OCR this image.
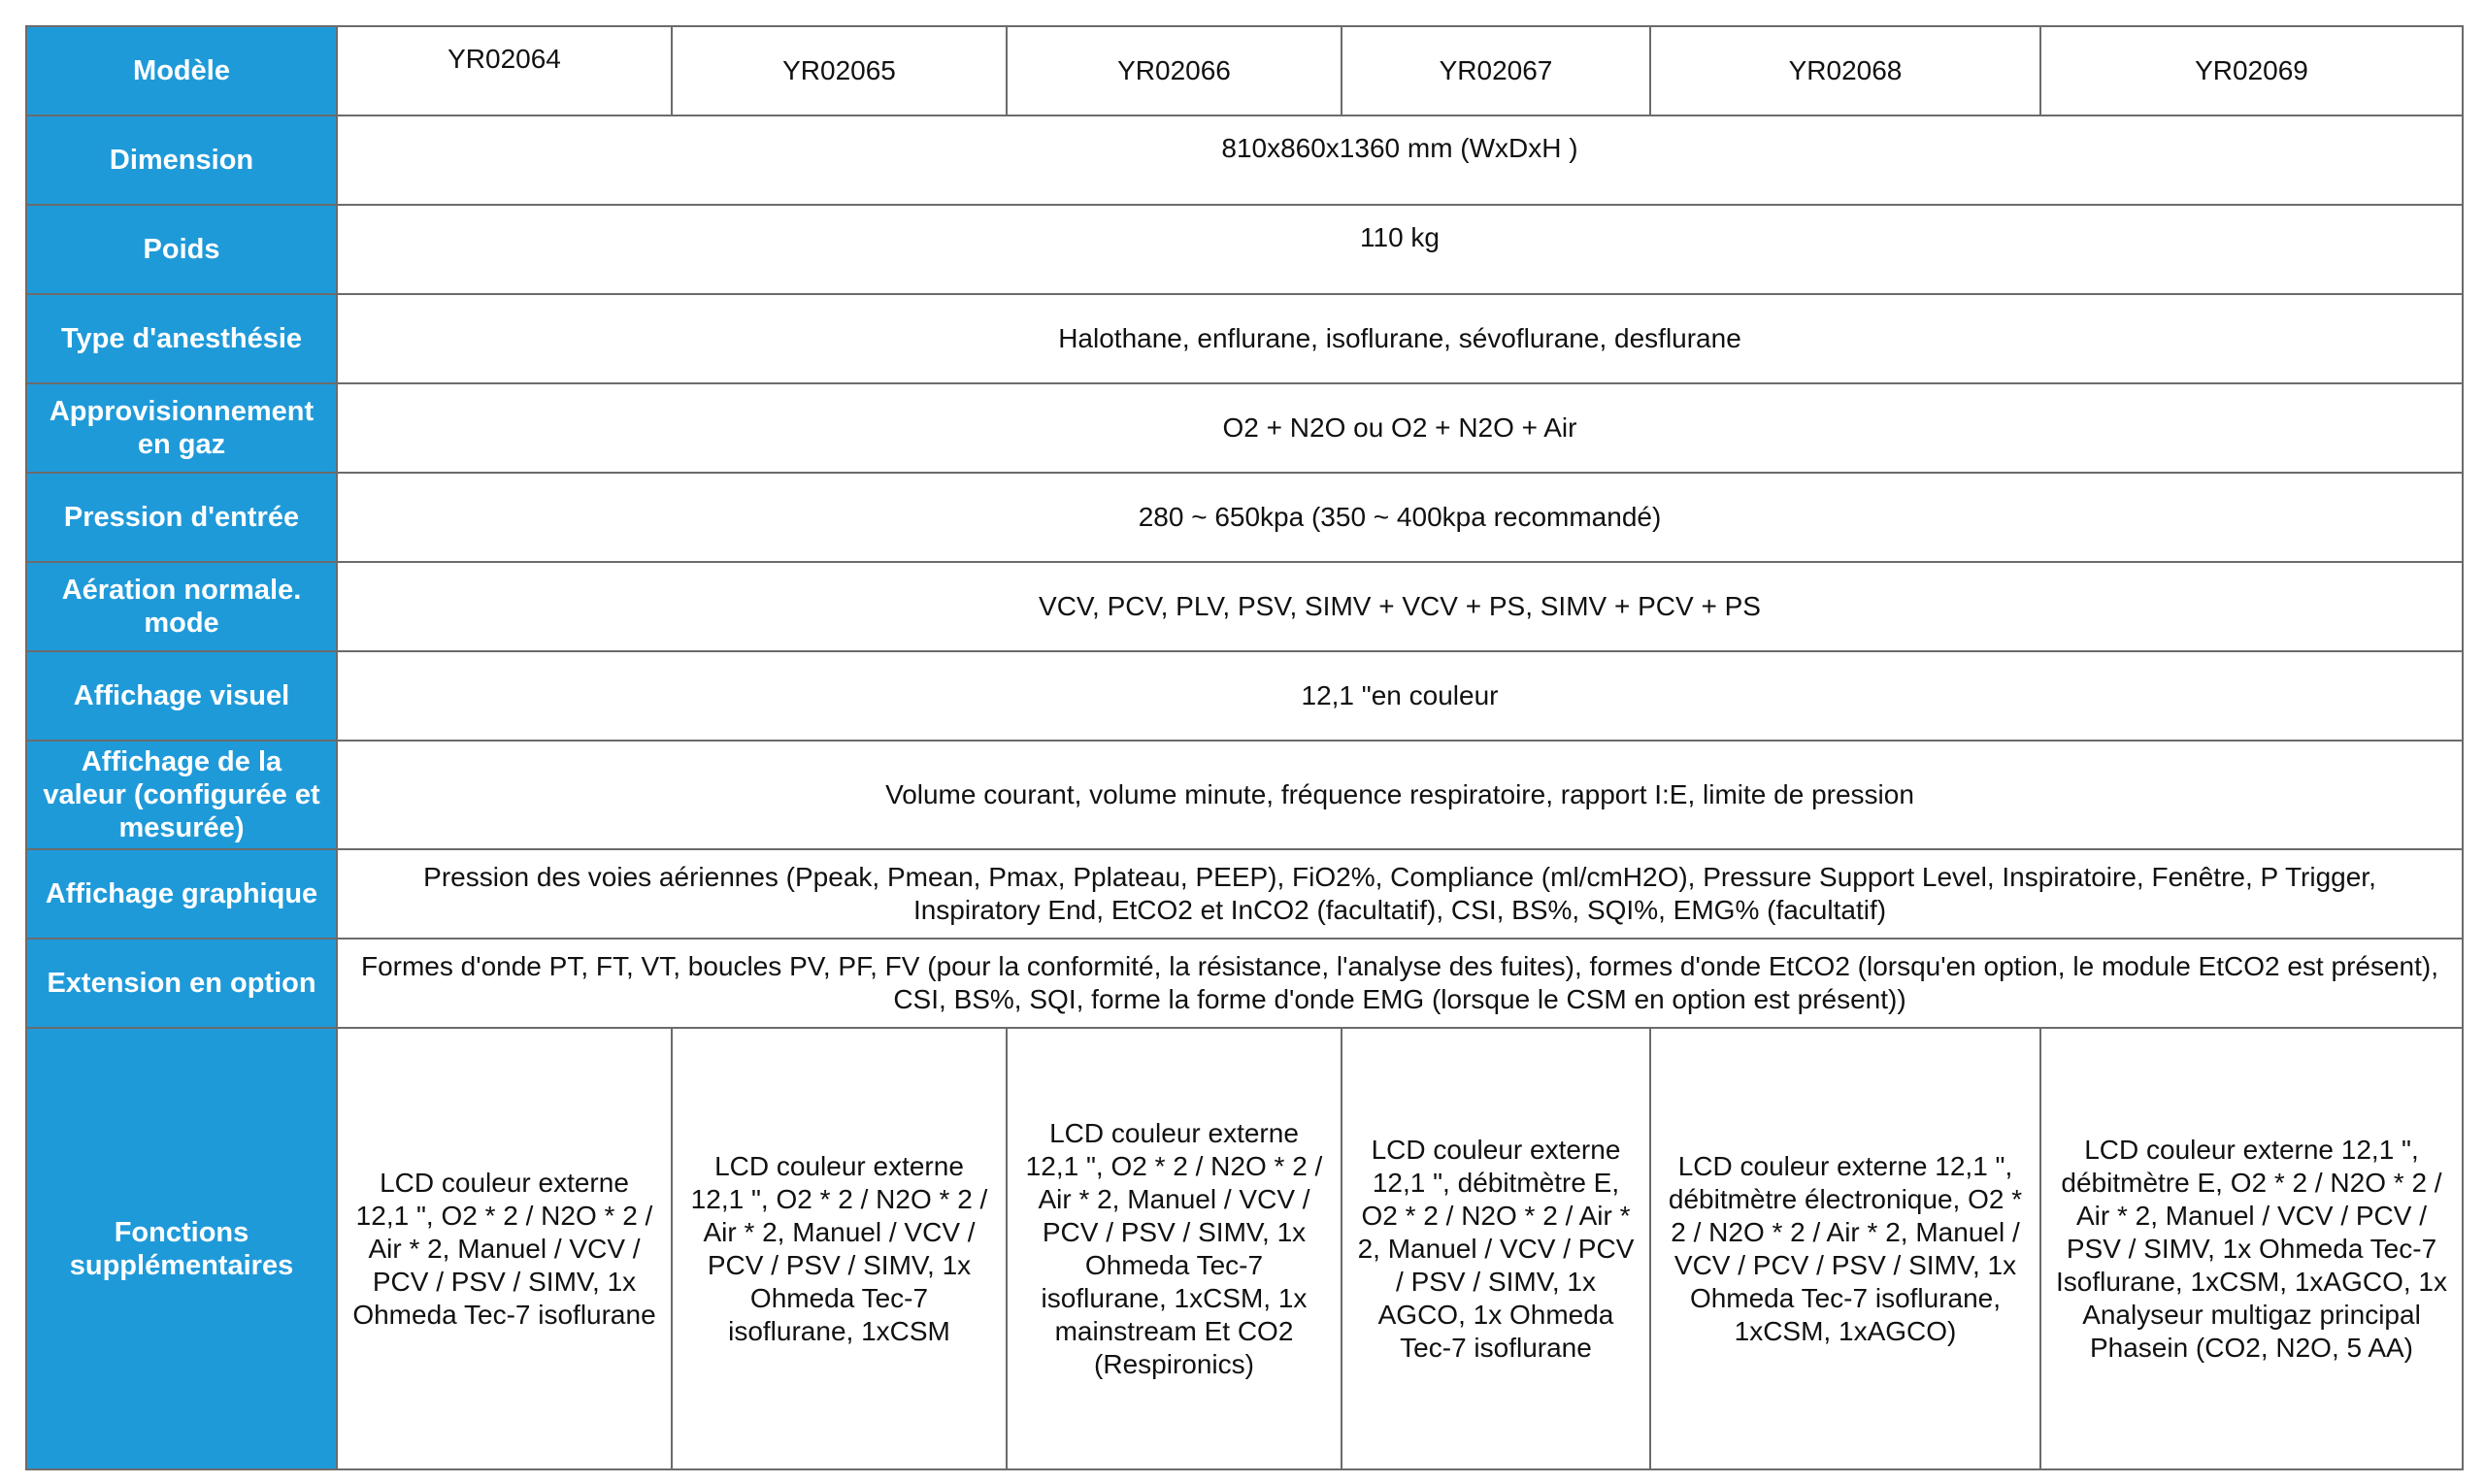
Modèle	YR02064	YR02065	YR02066	YR02067	YR02068	YR02069
Dimension	810x860x1360 mm (WxDxH )					
Poids	110 kg					
Type d'anesthésie	Halothane, enflurane, isoflurane, sévoflurane, desflurane					
Approvisionnement en gaz	O2 + N2O ou O2 + N2O + Air					
Pression d'entrée	280 ~ 650kpa (350 ~ 400kpa recommandé)					
Aération normale. mode	VCV, PCV, PLV, PSV, SIMV + VCV + PS, SIMV + PCV + PS					
Affichage visuel	12,1 "en couleur					
Affichage de la valeur (configurée et mesurée)	Volume courant, volume minute, fréquence respiratoire, rapport I:E, limite de pression					
Affichage graphique	Pression des voies aériennes (Ppeak, Pmean, Pmax, Pplateau, PEEP), FiO2%, Compliance (ml/cmH2O), Pressure Support Level, Inspiratoire, Fenêtre, P Trigger, Inspiratory End, EtCO2 et InCO2 (facultatif), CSI, BS%, SQI%, EMG% (facultatif)					
Extension en option	Formes d'onde PT, FT, VT, boucles PV, PF, FV (pour la conformité, la résistance, l'analyse des fuites), formes d'onde EtCO2 (lorsqu'en option, le module EtCO2 est présent), CSI, BS%, SQI, forme la forme d'onde EMG (lorsque le CSM en option est présent))					
Fonctions supplémentaires	LCD couleur externe 12,1 ", O2 * 2 / N2O * 2 / Air * 2, Manuel / VCV / PCV / PSV / SIMV, 1x Ohmeda Tec-7 isoflurane	LCD couleur externe 12,1 ", O2 * 2 / N2O * 2 / Air * 2, Manuel / VCV / PCV / PSV / SIMV, 1x Ohmeda Tec-7 isoflurane, 1xCSM	LCD couleur externe 12,1 ", O2 * 2 / N2O * 2 / Air * 2, Manuel / VCV / PCV / PSV / SIMV, 1x Ohmeda Tec-7 isoflurane, 1xCSM, 1x mainstream Et CO2 (Respironics)	LCD couleur externe 12,1 ", débitmètre E, O2 * 2 / N2O * 2 / Air * 2, Manuel / VCV / PCV / PSV / SIMV, 1x AGCO, 1x Ohmeda Tec-7 isoflurane	LCD couleur externe 12,1 ", débitmètre électronique, O2 * 2 / N2O * 2 / Air * 2, Manuel / VCV / PCV / PSV / SIMV, 1x Ohmeda Tec-7 isoflurane, 1xCSM, 1xAGCO)	LCD couleur externe 12,1 ", débitmètre E, O2 * 2 / N2O * 2 / Air * 2, Manuel / VCV / PCV / PSV / SIMV, 1x Ohmeda Tec-7 Isoflurane, 1xCSM, 1xAGCO, 1x Analyseur multigaz principal Phasein (CO2, N2O, 5 AA)
